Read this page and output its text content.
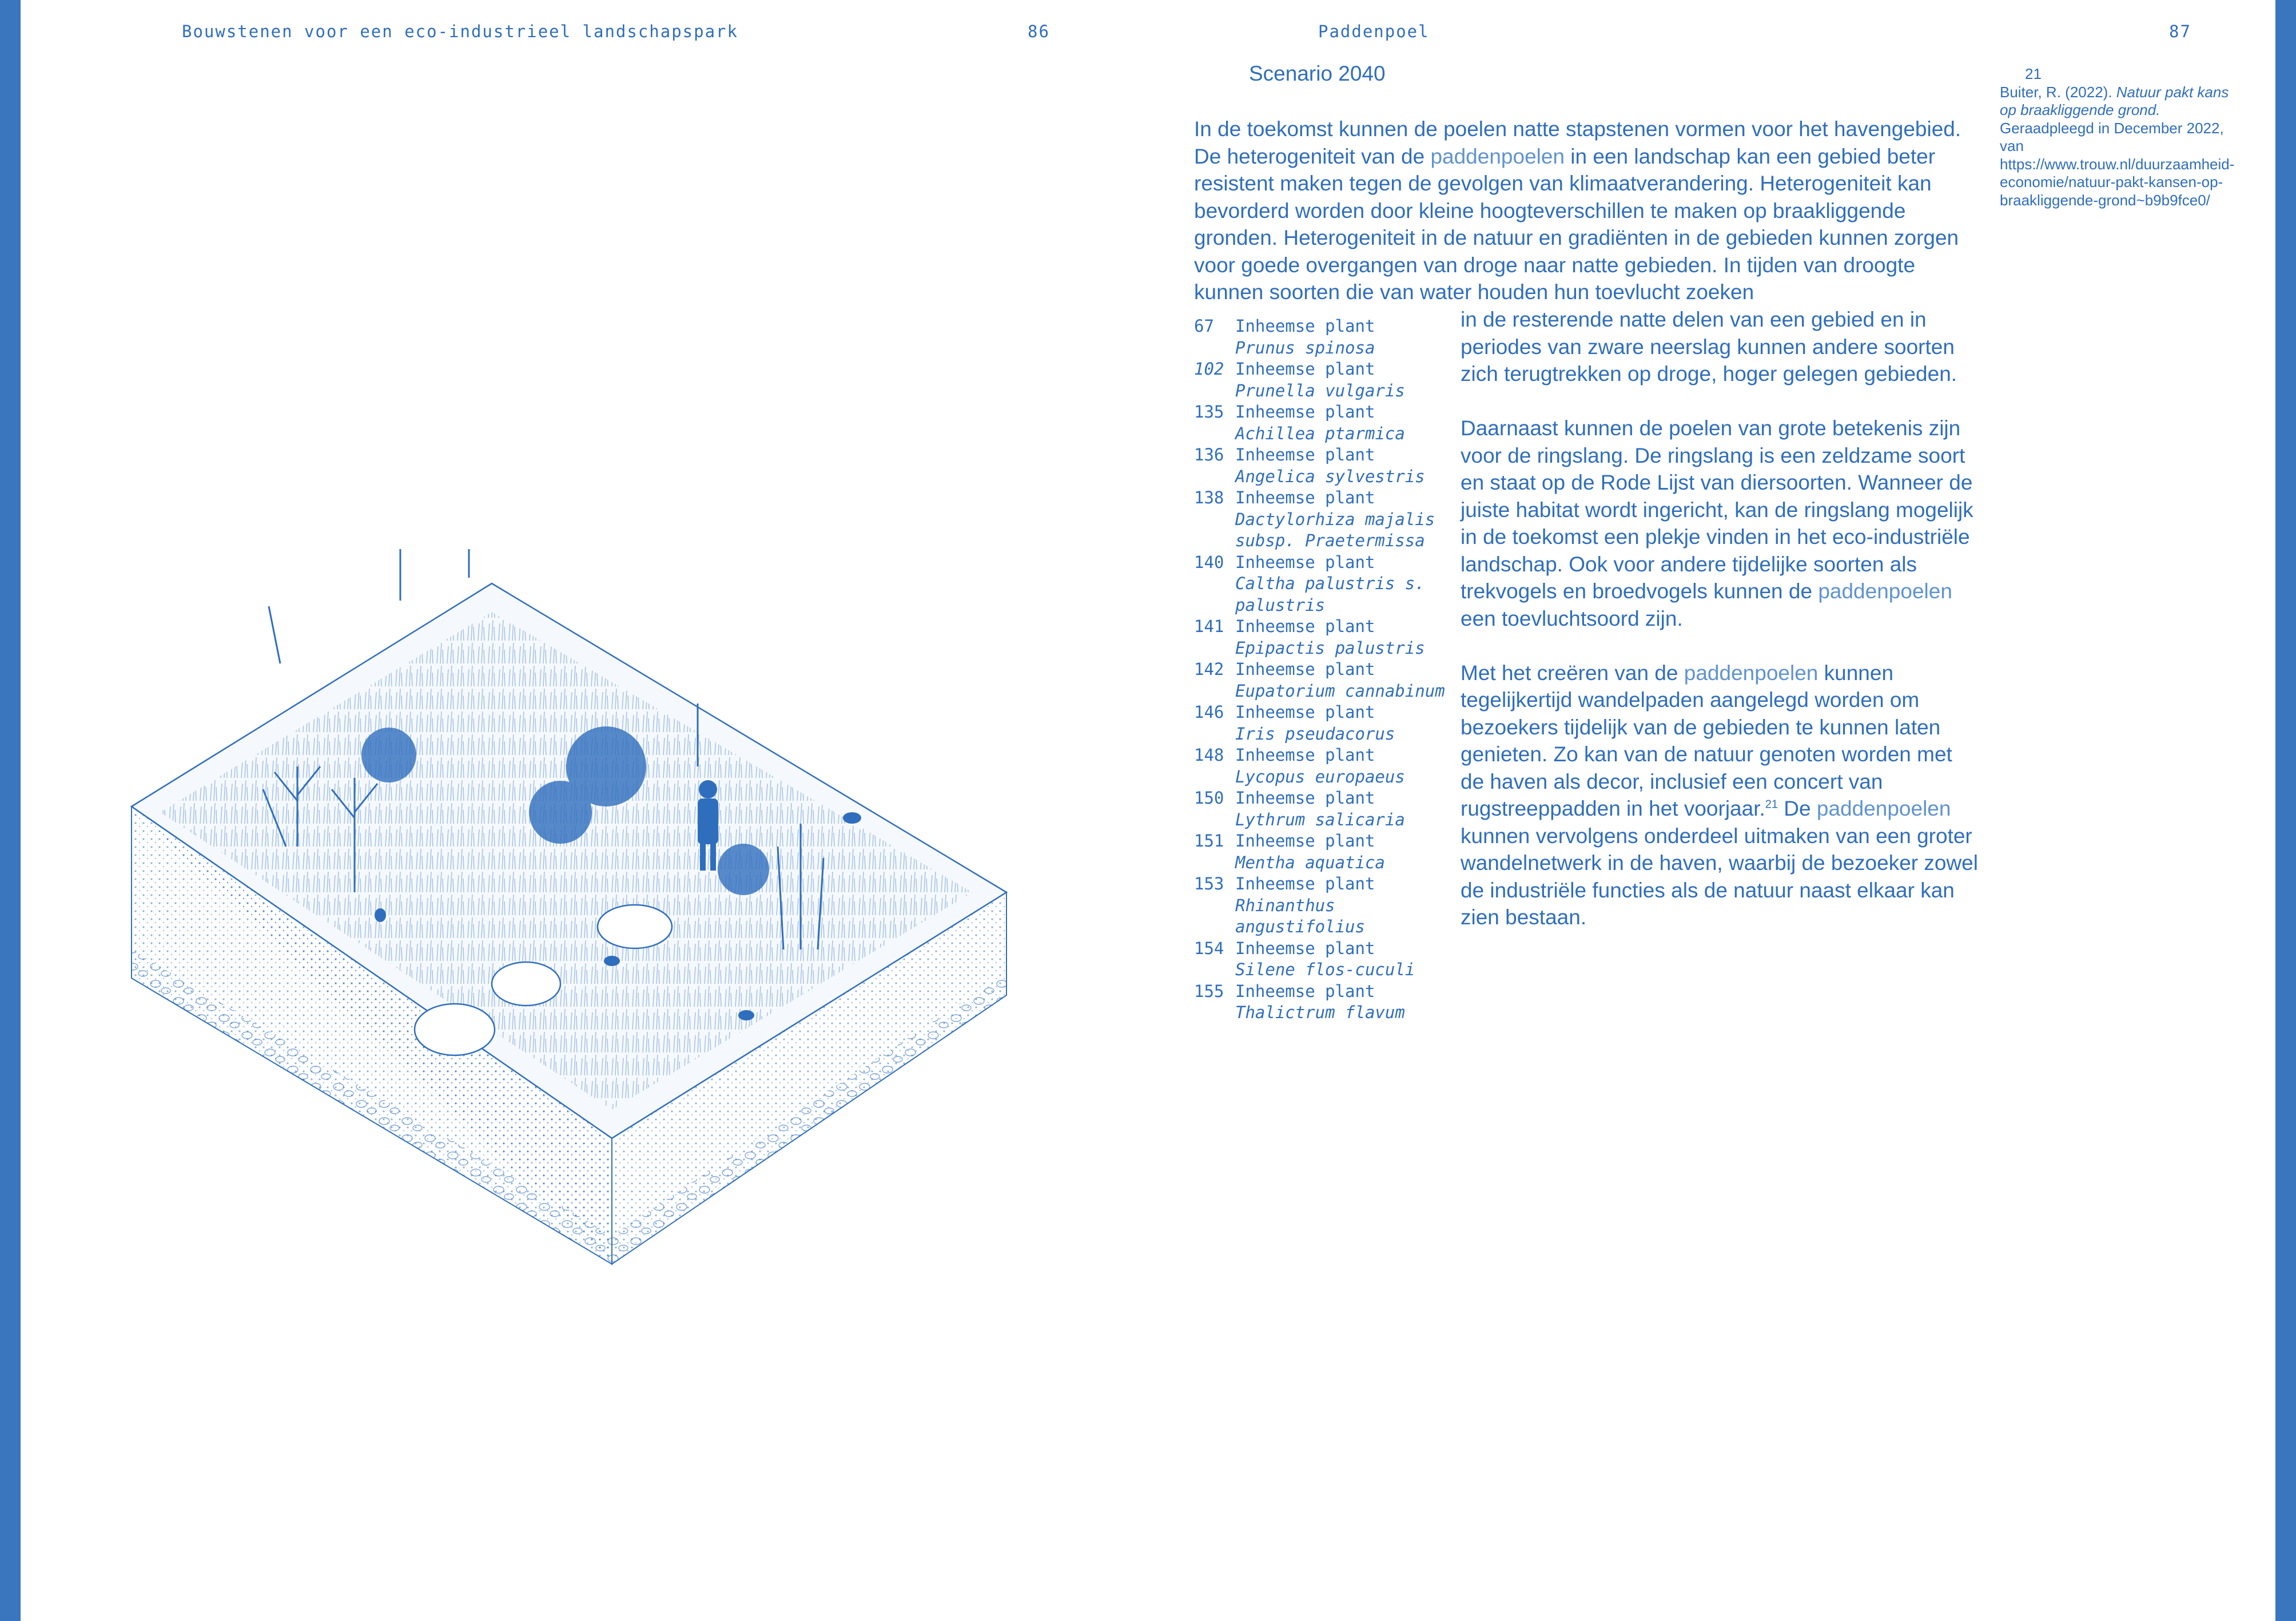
Bouwstenen voor een eco-industrieel landschapspark	86	Paddenpoel	87
Scenario 2040

In de toekomst kunnen de poelen natte stapstenen vormen voor het havengebied. De heterogeniteit van de paddenpoelen in een landschap kan een gebied beter resistent maken tegen de gevolgen van klimaatverandering. Heterogeniteit kan bevorderd worden door kleine hoogteverschillen te maken op braakliggende gronden. Heterogeniteit in de natuur en gradiënten in de gebieden kunnen zorgen voor goede overgangen van droge naar natte gebieden. In tijden van droogte kunnen soorten die van water houden hun toevlucht zoeken

67	Inheemse plant
Prunus spinosa
102 Inheemse plant
Prunella vulgaris
135 Inheemse plant
Achillea ptarmica
136 Inheemse plant
Angelica sylvestris
138 Inheemse plant
Dactylorhiza majalis subsp. Praetermissa
140 Inheemse plant
Caltha palustris s. palustris
141 Inheemse plant
Epipactis palustris
142 Inheemse plant
Eupatorium cannabinum
146 Inheemse plant
Iris pseudacorus
148 Inheemse plant
Lycopus europaeus
150 Inheemse plant
Lythrum salicaria
151 Inheemse plant
Mentha aquatica
153 Inheemse plant
Rhinanthus angustifolius
154 Inheemse plant
Silene flos-cuculi
155 Inheemse plant
Thalictrum flavum

in de resterende natte delen van een gebied en in periodes van zware neerslag kunnen andere soorten zich terugtrekken op droge, hoger gelegen gebieden.

Daarnaast kunnen de poelen van grote betekenis zijn voor de ringslang. De ringslang is een zeldzame soort en staat op de Rode Lijst van diersoorten. Wanneer de juiste habitat wordt ingericht, kan de ringslang mogelijk in de toekomst een plekje vinden in het eco-industriële landschap. Ook voor andere tijdelijke soorten als trekvogels en broedvogels kunnen de paddenpoelen een toevluchtsoord zijn.

Met het creëren van de paddenpoelen kunnen tegelijkertijd wandelpaden aangelegd worden om bezoekers tijdelijk van de gebieden te kunnen laten genieten. Zo kan van de natuur genoten worden met de haven als decor, inclusief een concert van rugstreeppadden in het voorjaar.$^{21}$ De paddenpoelen kunnen vervolgens onderdeel uitmaken van een groter wandelnetwerk in de haven, waarbij de bezoeker zowel de industriële functies als de natuur naast elkaar kan zien bestaan.

21
Buiter, R. (2022). Natuur pakt kans op braakliggende grond. Geraadpleegd in December 2022, van https://www.trouw.nl/duurzaamheid-economie/natuur-pakt-kansen-op-braakliggende-grond~b9b9fce0/
